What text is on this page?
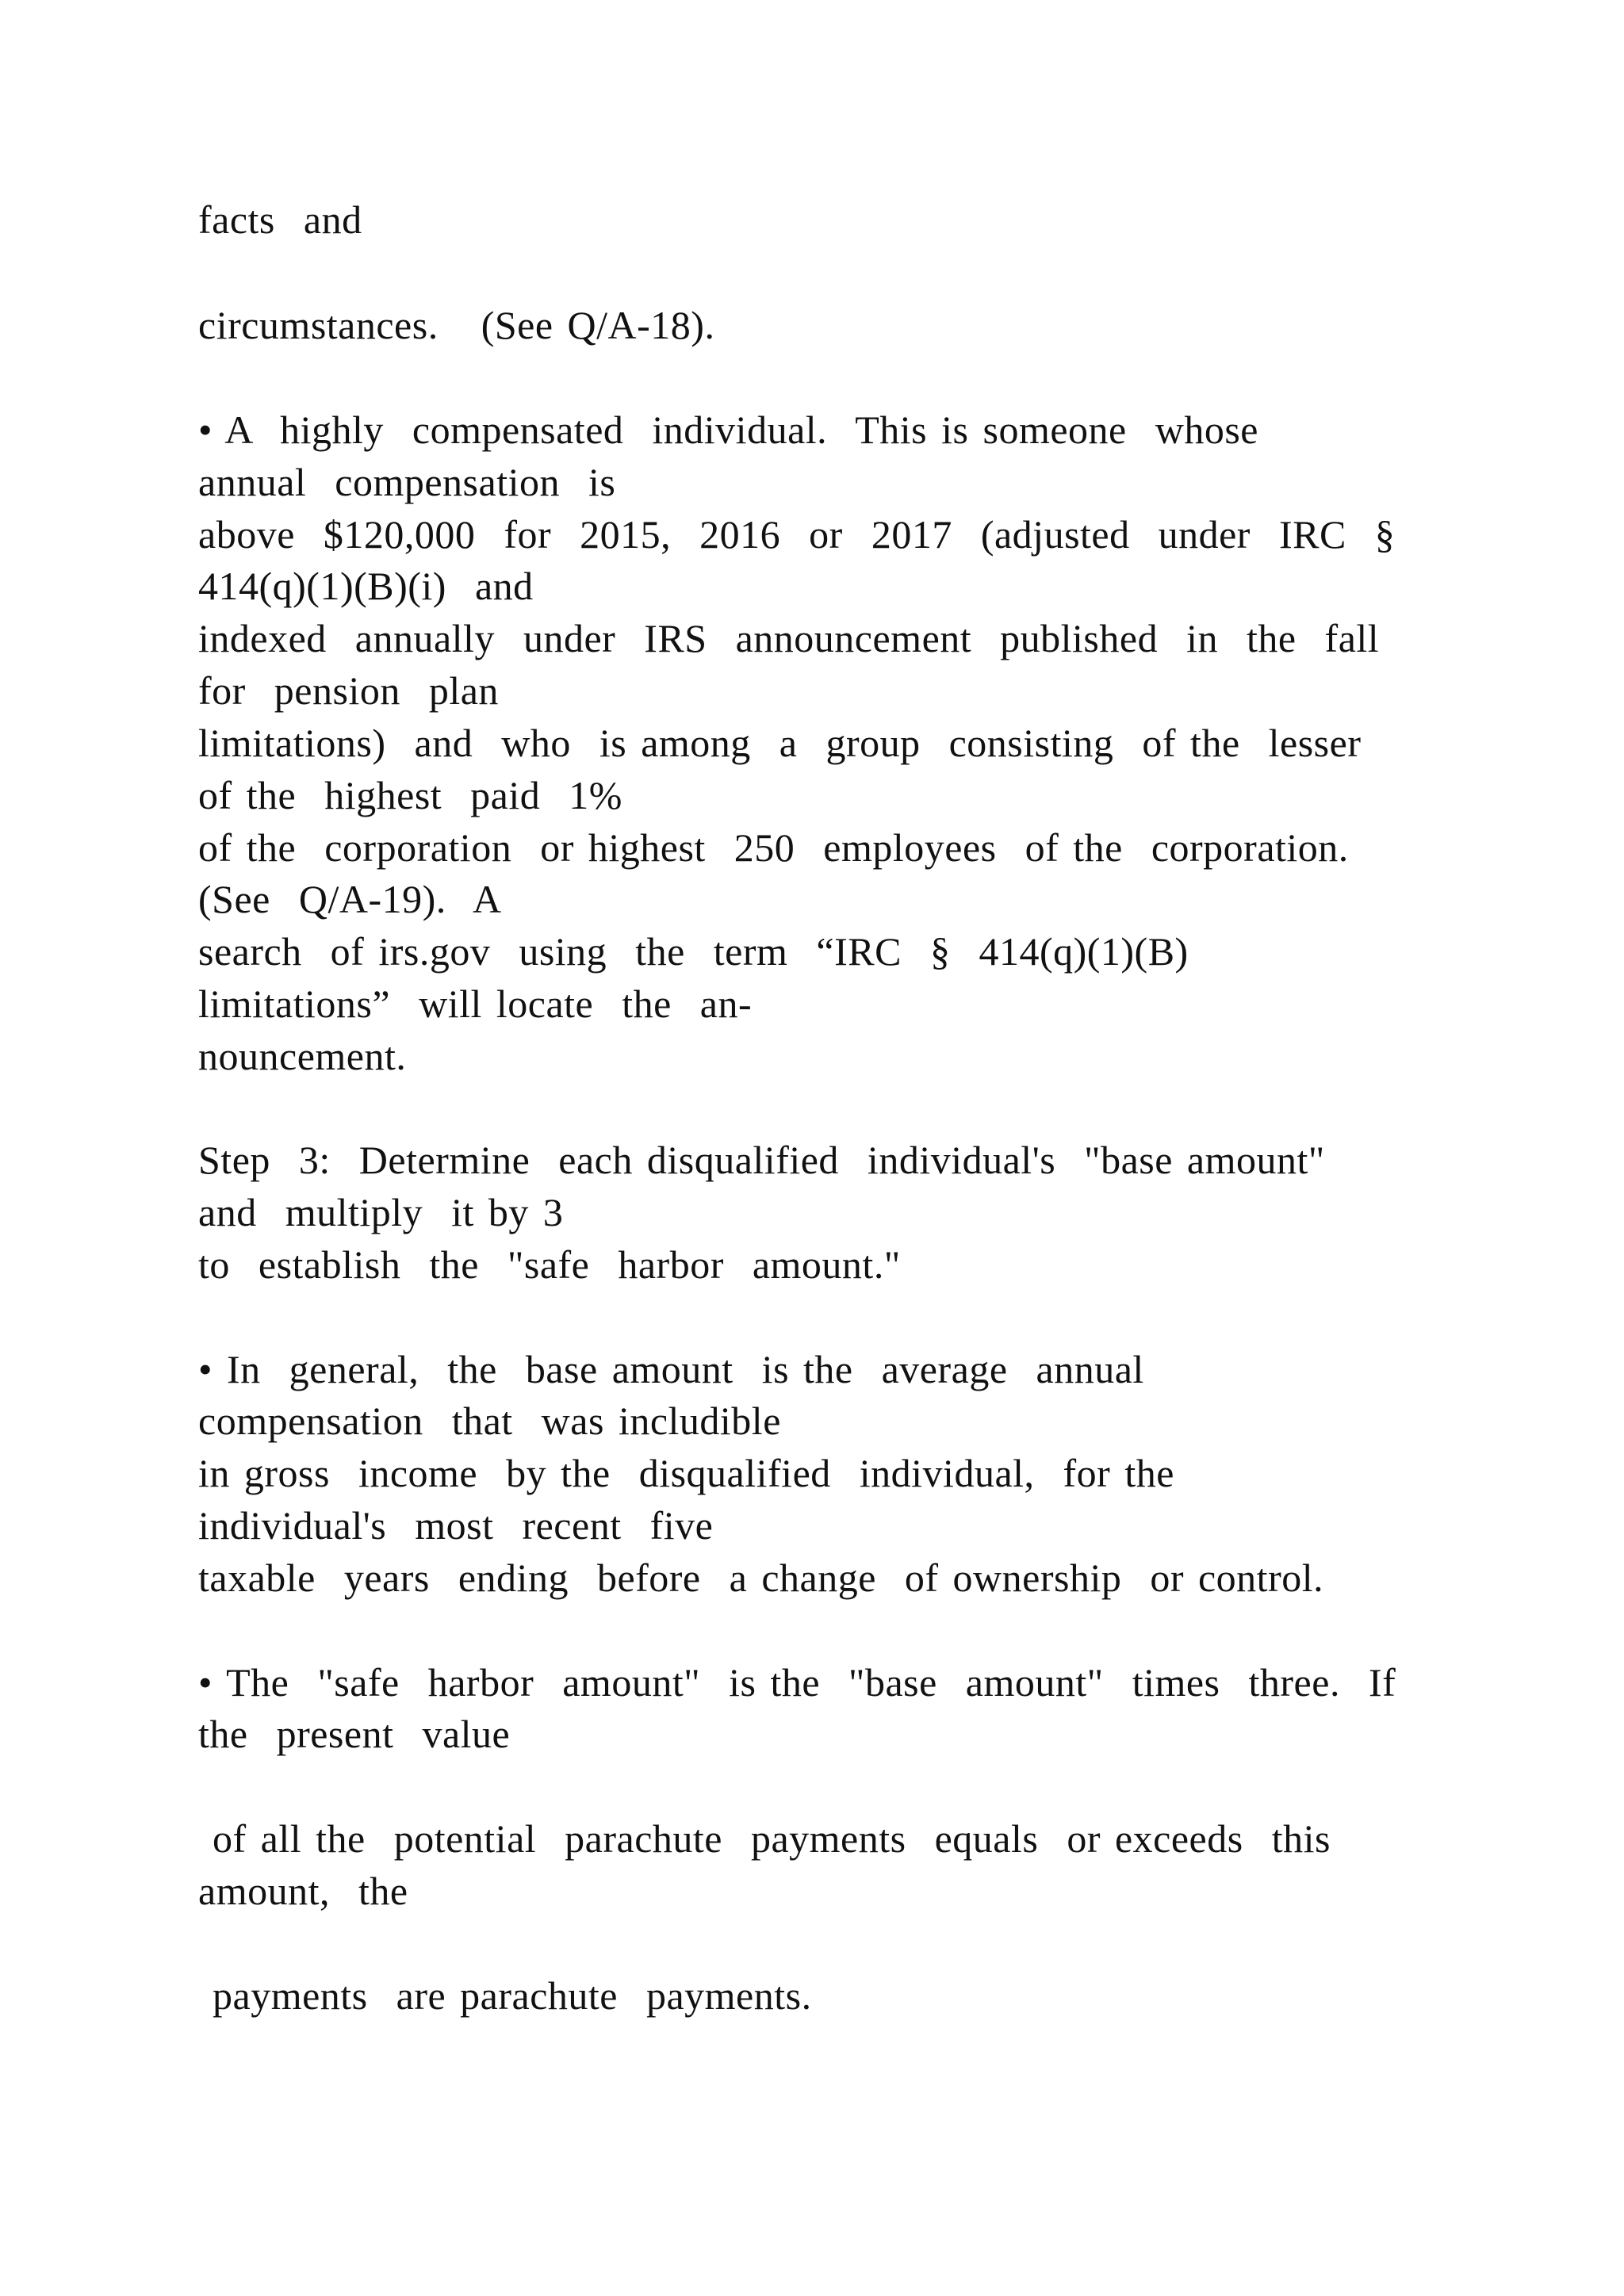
facts  and

circumstances.   (See Q/A-18).

• A  highly  compensated  individual.  This is someone  whose

annual  compensation  is

above  $120,000  for  2015,  2016  or  2017  (adjusted  under  IRC  §

414(q)(1)(B)(i)  and

indexed  annually  under  IRS  announcement  published  in  the  fall

for  pension  plan

limitations)  and  who  is among  a  group  consisting  of the  lesser

of the  highest  paid  1%

of the  corporation  or highest  250  employees  of the  corporation.

(See  Q/A-19).  A

search  of irs.gov  using  the  term  “IRC  §  414(q)(1)(B)

limitations”  will locate  the  an-

nouncement.

Step  3:  Determine  each disqualified  individual's  "base amount"

and  multiply  it by 3

to  establish  the  "safe  harbor  amount."

• In  general,  the  base amount  is the  average  annual

compensation  that  was includible

in gross  income  by the  disqualified  individual,  for the

individual's  most  recent  five

taxable  years  ending  before  a change  of ownership  or control.

• The  "safe  harbor  amount"  is the  "base  amount"  times  three.  If

the  present  value

of all the  potential  parachute  payments  equals  or exceeds  this

amount,  the

payments  are parachute  payments.
